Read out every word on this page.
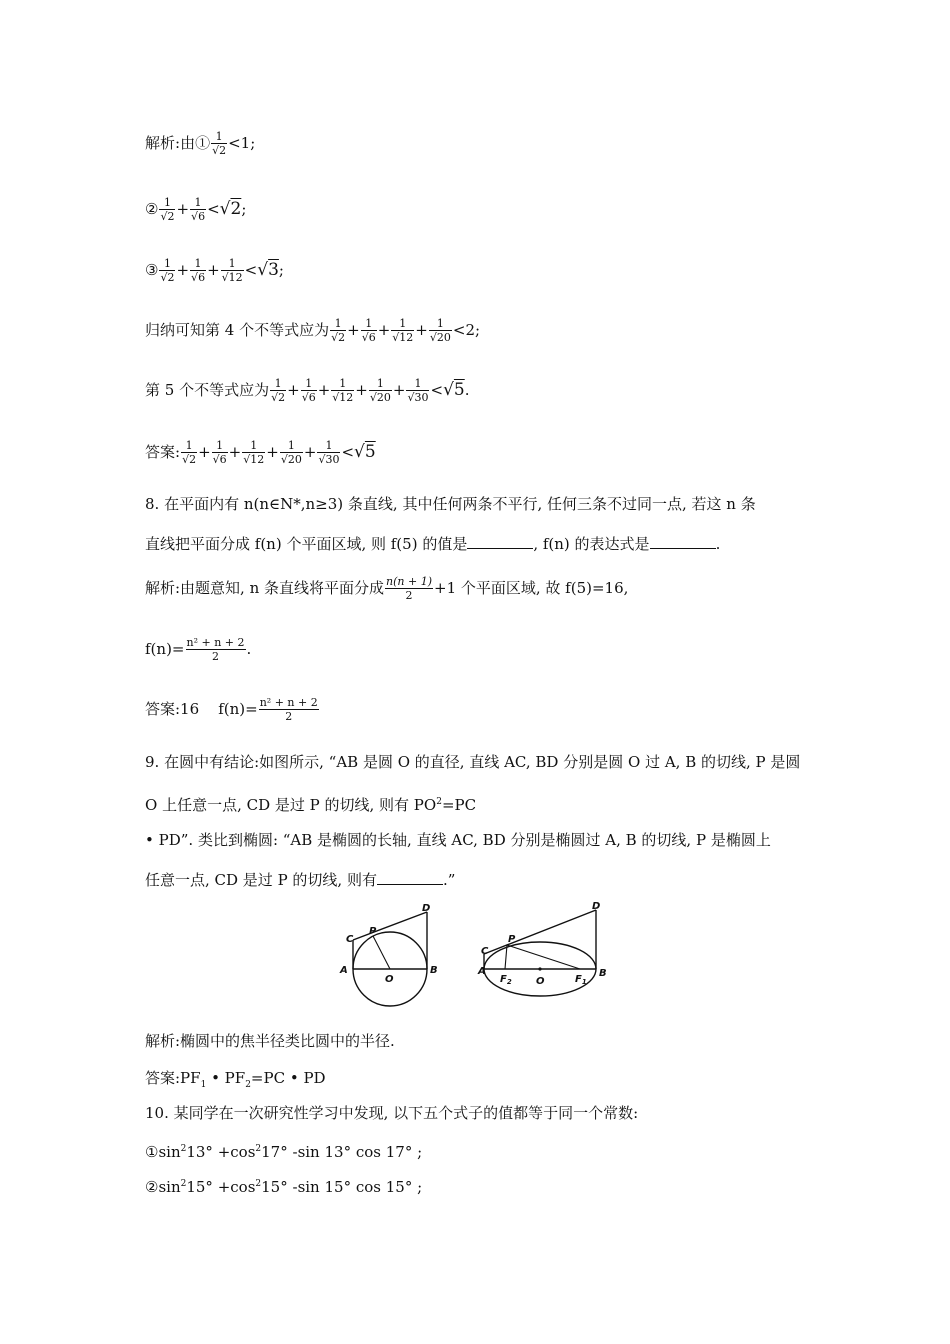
解析:由① $\frac{1}{√2} <1$;
② $\frac{1}{√2} + \frac{1}{√6} <√2$;
③ $\frac{1}{√2} + \frac{1}{√6} + \frac{1}{√12} <√3$;
归纳可知第 4 个不等式应为 $\frac{1}{√2} + \frac{1}{√6} + \frac{1}{√12} + \frac{1}{√20} <2$;
第 5 个不等式应为 $\frac{1}{√2} + \frac{1}{√6} + \frac{1}{√12} + \frac{1}{√20} + \frac{1}{√30} <√5$.
答案: $\frac{1}{√2} + \frac{1}{√6} + \frac{1}{√12} + \frac{1}{√20} + \frac{1}{√30} <√5$
8. 在平面内有 n(n∈N*,n≥3) 条直线, 其中任何两条不平行, 任何三条不过同一点, 若这 n 条
直线把平面分成 f(n) 个平面区域, 则 f(5) 的值是	, f(n) 的表达式是	.
解析:由题意知, n 条直线将平面分成 $\frac{n(n + 1)}{2} +1$ 个平面区域, 故 f(5)=16,
$f(n)= \frac{\text{n² + n + 2}}{2}$ .
答案:16    $f(n)= \frac{\text{n² + n + 2}}{2}$
9. 在圆中有结论:如图所示, “AB 是圆 O 的直径, 直线 AC, BD 分别是圆 O 过 A, B 的切线, P 是圆
O 上任意一点, CD 是过 P 的切线, 则有 $PO^2=PC$
• PD”. 类比到椭圆: “AB 是椭圆的长轴, 直线 AC, BD 分别是椭圆过 A, B 的切线, P 是椭圆上
任意一点, CD 是过 P 的切线, 则有	.”
A	B
C
D
P
O
A	B
C
D
P
O
$F_2$	$F_1$
解析:椭圆中的焦半径类比圆中的半径.
答案$:PF_1$ • $PF_2=PC$ • PD
10. 某同学在一次研究性学习中发现, 以下五个式子的值都等于同一个常数:
$①\sin^213^\circ +\cos^217^\circ$ -sin 13° cos 17° ;
$②\sin^215^\circ +\cos^215^\circ$ -sin 15° cos 15° ;
